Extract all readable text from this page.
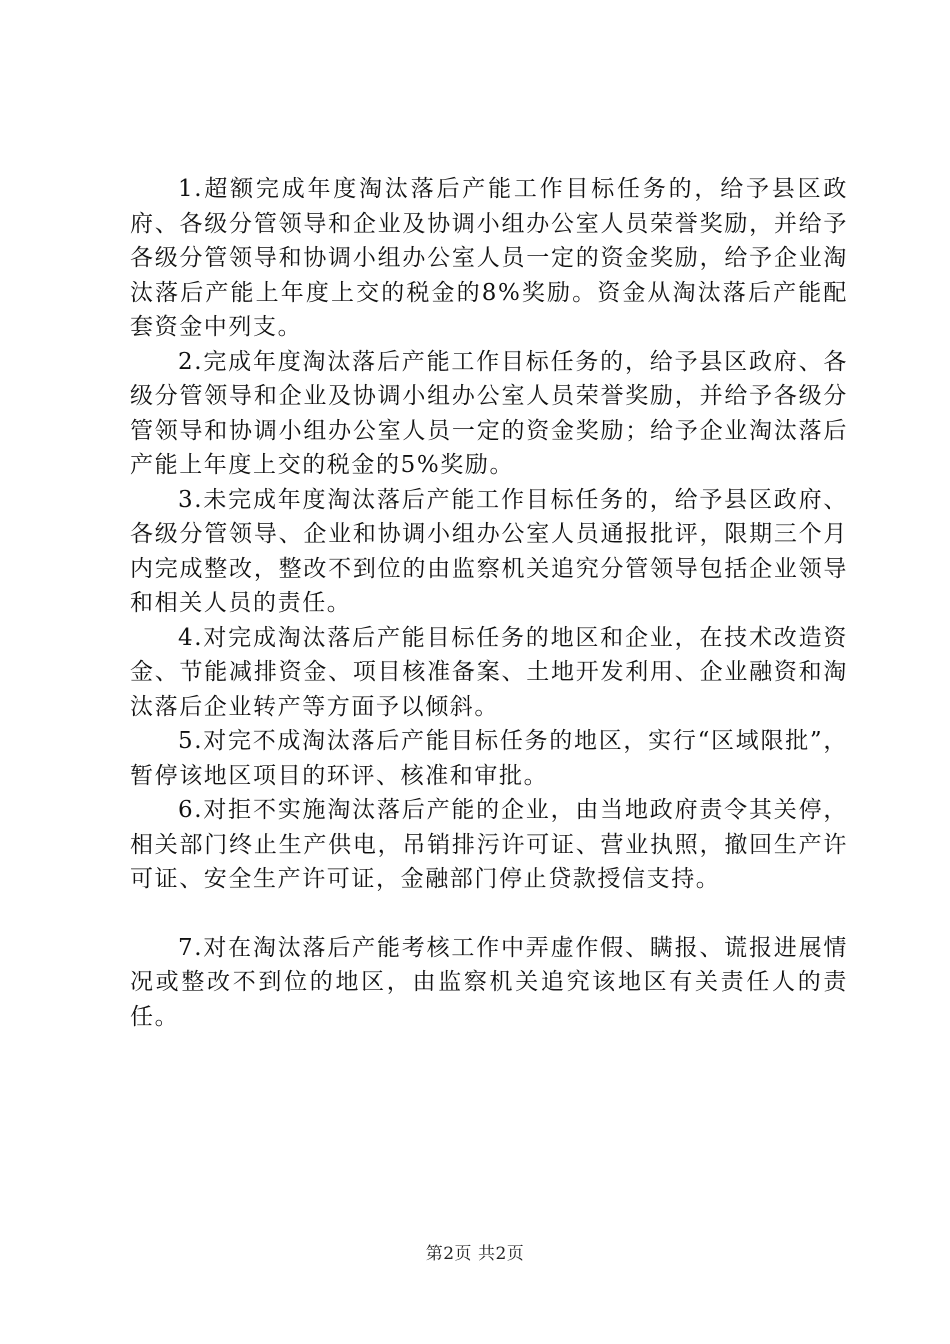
1.超额完成年度淘汰落后产能工作目标任务的，给予县区政府、各级分管领导和企业及协调小组办公室人员荣誉奖励，并给予各级分管领导和协调小组办公室人员一定的资金奖励，给予企业淘汰落后产能上年度上交的税金的8%奖励。资金从淘汰落后产能配套资金中列支。

2.完成年度淘汰落后产能工作目标任务的，给予县区政府、各级分管领导和企业及协调小组办公室人员荣誉奖励，并给予各级分管领导和协调小组办公室人员一定的资金奖励；给予企业淘汰落后产能上年度上交的税金的5%奖励。

3.未完成年度淘汰落后产能工作目标任务的，给予县区政府、各级分管领导、企业和协调小组办公室人员通报批评，限期三个月内完成整改，整改不到位的由监察机关追究分管领导包括企业领导和相关人员的责任。

4.对完成淘汰落后产能目标任务的地区和企业，在技术改造资金、节能减排资金、项目核准备案、土地开发利用、企业融资和淘汰落后企业转产等方面予以倾斜。

5.对完不成淘汰落后产能目标任务的地区，实行“区域限批”，暂停该地区项目的环评、核准和审批。

6.对拒不实施淘汰落后产能的企业，由当地政府责令其关停，相关部门终止生产供电，吊销排污许可证、营业执照，撤回生产许可证、安全生产许可证，金融部门停止贷款授信支持。

7.对在淘汰落后产能考核工作中弄虚作假、瞒报、谎报进展情况或整改不到位的地区，由监察机关追究该地区有关责任人的责任。

第2页 共2页
